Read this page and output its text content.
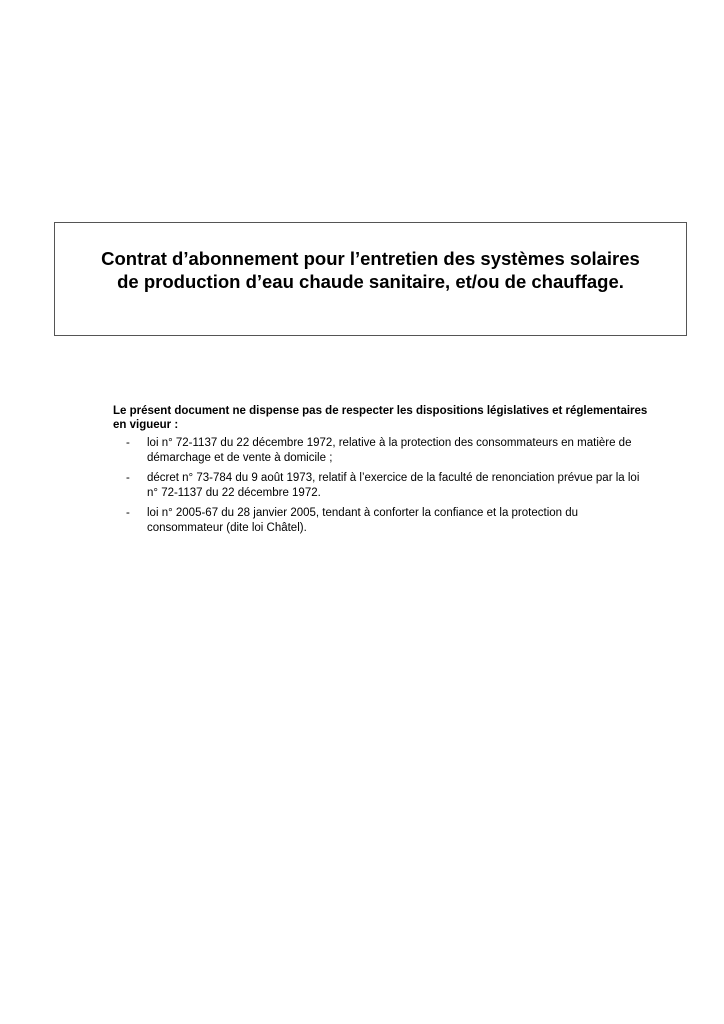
Contrat d’abonnement pour l’entretien des systèmes solaires
de production d’eau chaude sanitaire, et/ou de chauffage.

Le présent document ne dispense pas de respecter les dispositions législatives et réglementaires
en vigueur :

- loi n° 72-1137 du 22 décembre 1972, relative à la protection des consommateurs en matière de
démarchage et de vente à domicile ;
- décret n° 73-784 du 9 août 1973, relatif à l’exercice de la faculté de renonciation prévue par la loi
n° 72-1137 du 22 décembre 1972.
- loi n° 2005-67 du 28 janvier 2005, tendant à conforter la confiance et la protection du
consommateur (dite loi Châtel).
